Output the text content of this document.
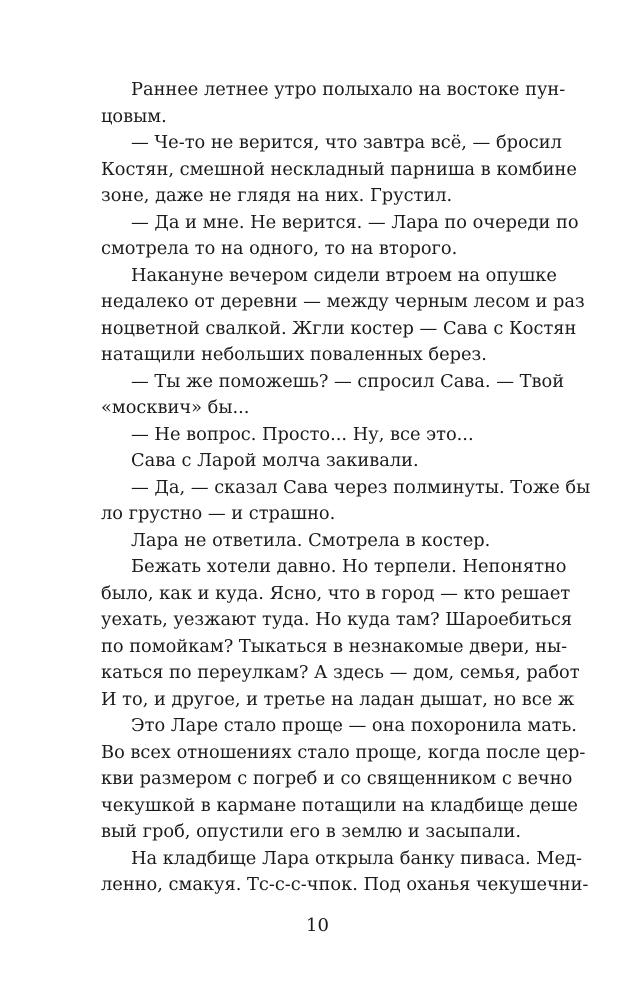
Раннее летнее утро полыхало на востоке пун-
цовым.
— Че-то не верится, что завтра всё, — бросил
Костян, смешной нескладный парниша в комбине
зоне, даже не глядя на них. Грустил.
— Да и мне. Не верится. — Лара по очереди по
смотрела то на одного, то на второго.
Накануне вечером сидели втроем на опушке
недалеко от деревни — между черным лесом и раз
ноцветной свалкой. Жгли костер — Сава с Костян
натащили небольших поваленных берез.
— Ты же поможешь? — спросил Сава. — Твой
«москвич» бы...
— Не вопрос. Просто... Ну, все это...
Сава с Ларой молча закивали.
— Да, — сказал Сава через полминуты. Тоже бы
ло грустно — и страшно.
Лара не ответила. Смотрела в костер.
Бежать хотели давно. Но терпели. Непонятно
было, как и куда. Ясно, что в город — кто решает
уехать, уезжают туда. Но куда там? Шароебиться
по помойкам? Тыкаться в незнакомые двери, ны-
каться по переулкам? А здесь — дом, семья, работ
И то, и другое, и третье на ладан дышат, но все ж
Это Ларе стало проще — она похоронила мать.
Во всех отношениях стало проще, когда после цер-
кви размером с погреб и со священником с вечно
чекушкой в кармане потащили на кладбище деше
вый гроб, опустили его в землю и засыпали.
На кладбище Лара открыла банку пиваса. Мед-
ленно, смакуя. Тс-с-с-чпок. Под оханья чекушечни-
10
